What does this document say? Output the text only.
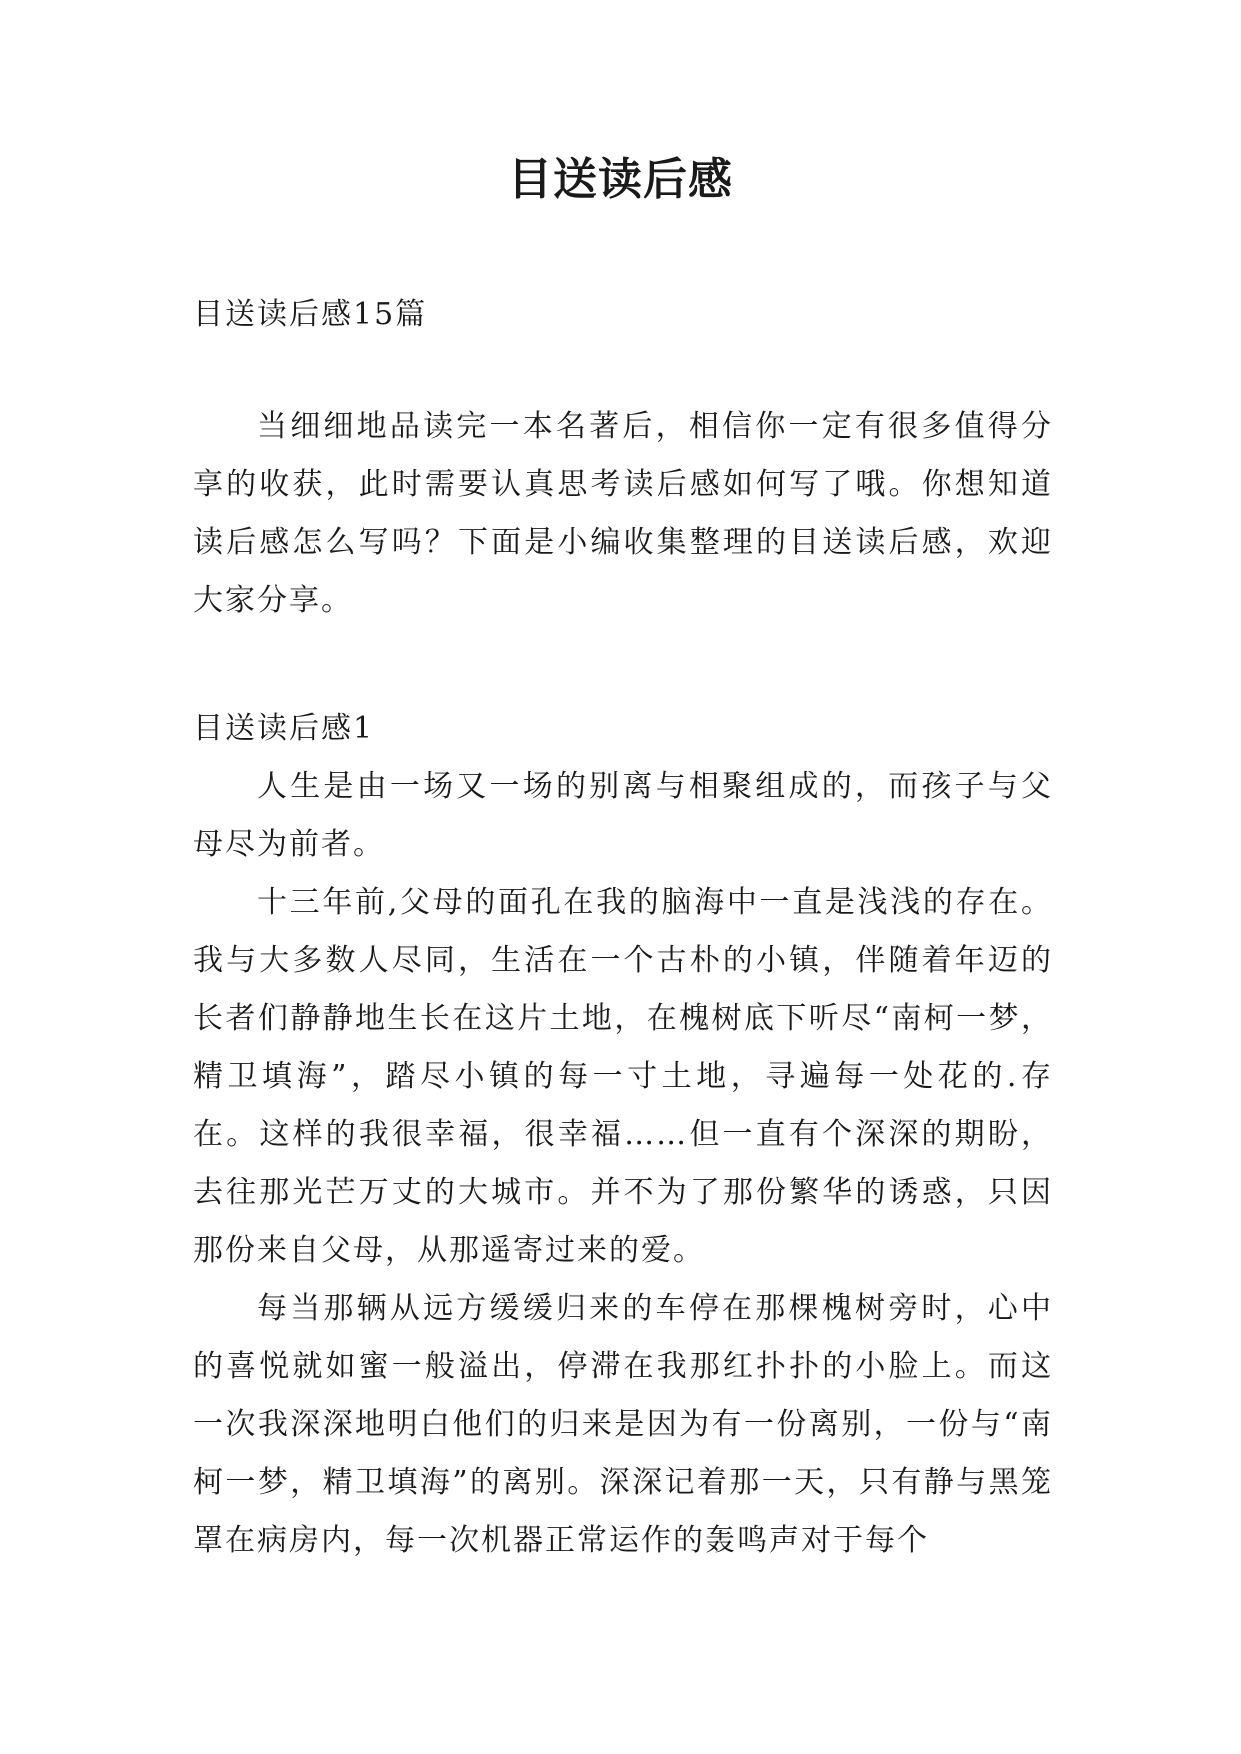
目送读后感

目送读后感15篇

当细细地品读完一本名著后，相信你一定有很多值得分享的收获，此时需要认真思考读后感如何写了哦。你想知道读后感怎么写吗？下面是小编收集整理的目送读后感，欢迎大家分享。

目送读后感1

人生是由一场又一场的别离与相聚组成的，而孩子与父母尽为前者。

十三年前,父母的面孔在我的脑海中一直是浅浅的存在。我与大多数人尽同，生活在一个古朴的小镇，伴随着年迈的长者们静静地生长在这片土地，在槐树底下听尽“南柯一梦，精卫填海”，踏尽小镇的每一寸土地，寻遍每一处花的.存在。这样的我很幸福，很幸福……但一直有个深深的期盼，去往那光芒万丈的大城市。并不为了那份繁华的诱惑，只因那份来自父母，从那遥寄过来的爱。

每当那辆从远方缓缓归来的车停在那棵槐树旁时，心中的喜悦就如蜜一般溢出，停滞在我那红扑扑的小脸上。而这一次我深深地明白他们的归来是因为有一份离别，一份与“南柯一梦，精卫填海”的离别。深深记着那一天，只有静与黑笼罩在病房内，每一次机器正常运作的轰鸣声对于每个
